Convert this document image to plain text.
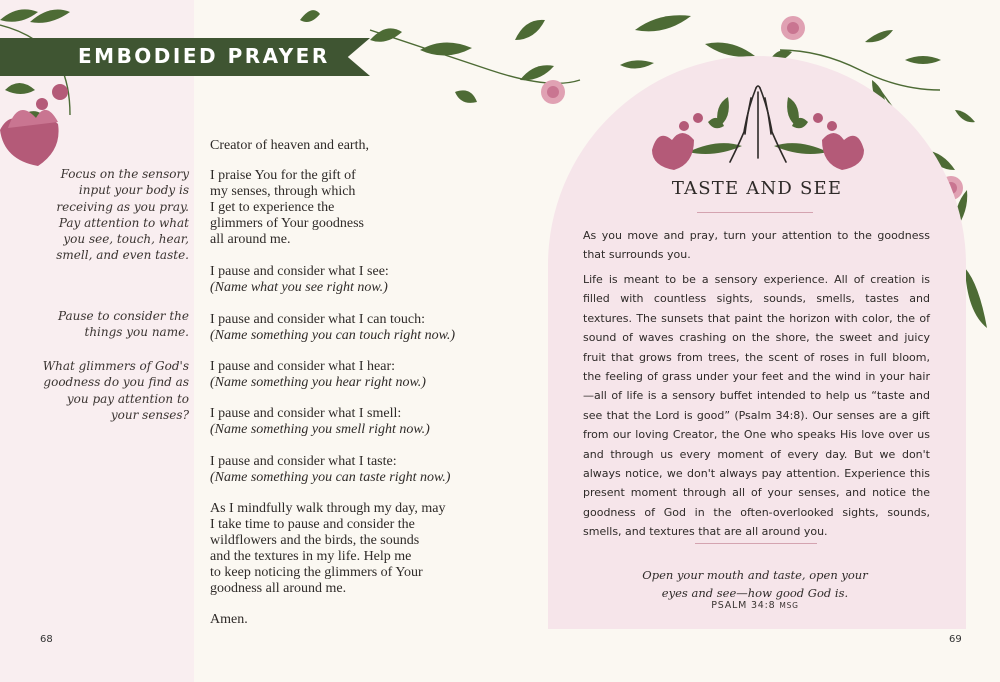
EMBODIED PRAYER
Focus on the sensory input your body is receiving as you pray. Pay attention to what you see, touch, hear, smell, and even taste.
Pause to consider the things you name.
What glimmers of God's goodness do you find as you pay attention to your senses?
Creator of heaven and earth,
I praise You for the gift of
my senses, through which
I get to experience the
glimmers of Your goodness
all around me.
I pause and consider what I see:
(Name what you see right now.)
I pause and consider what I can touch:
(Name something you can touch right now.)
I pause and consider what I hear:
(Name something you hear right now.)
I pause and consider what I smell:
(Name something you smell right now.)
I pause and consider what I taste:
(Name something you can taste right now.)
As I mindfully walk through my day, may
I take time to pause and consider the
wildflowers and the birds, the sounds
and the textures in my life. Help me
to keep noticing the glimmers of Your
goodness all around me.
Amen.
68
TASTE AND SEE
As you move and pray, turn your attention to the goodness that surrounds you.
Life is meant to be a sensory experience. All of creation is filled with countless sights, sounds, smells, tastes and textures. The sunsets that paint the horizon with color, the of sound of waves crashing on the shore, the sweet and juicy fruit that grows from trees, the scent of roses in full bloom, the feeling of grass under your feet and the wind in your hair—all of life is a sensory buffet intended to help us “taste and see that the Lord is good” (Psalm 34:8). Our senses are a gift from our loving Creator, the One who speaks His love over us and through us every moment of every day. But we don't always notice, we don't always pay attention. Experience this present moment through all of your senses, and notice the goodness of God in the often-overlooked sights, sounds, smells, and textures that are all around you.
Open your mouth and taste, open your
eyes and see—how good God is.
PSALM 34:8 MSG
69
